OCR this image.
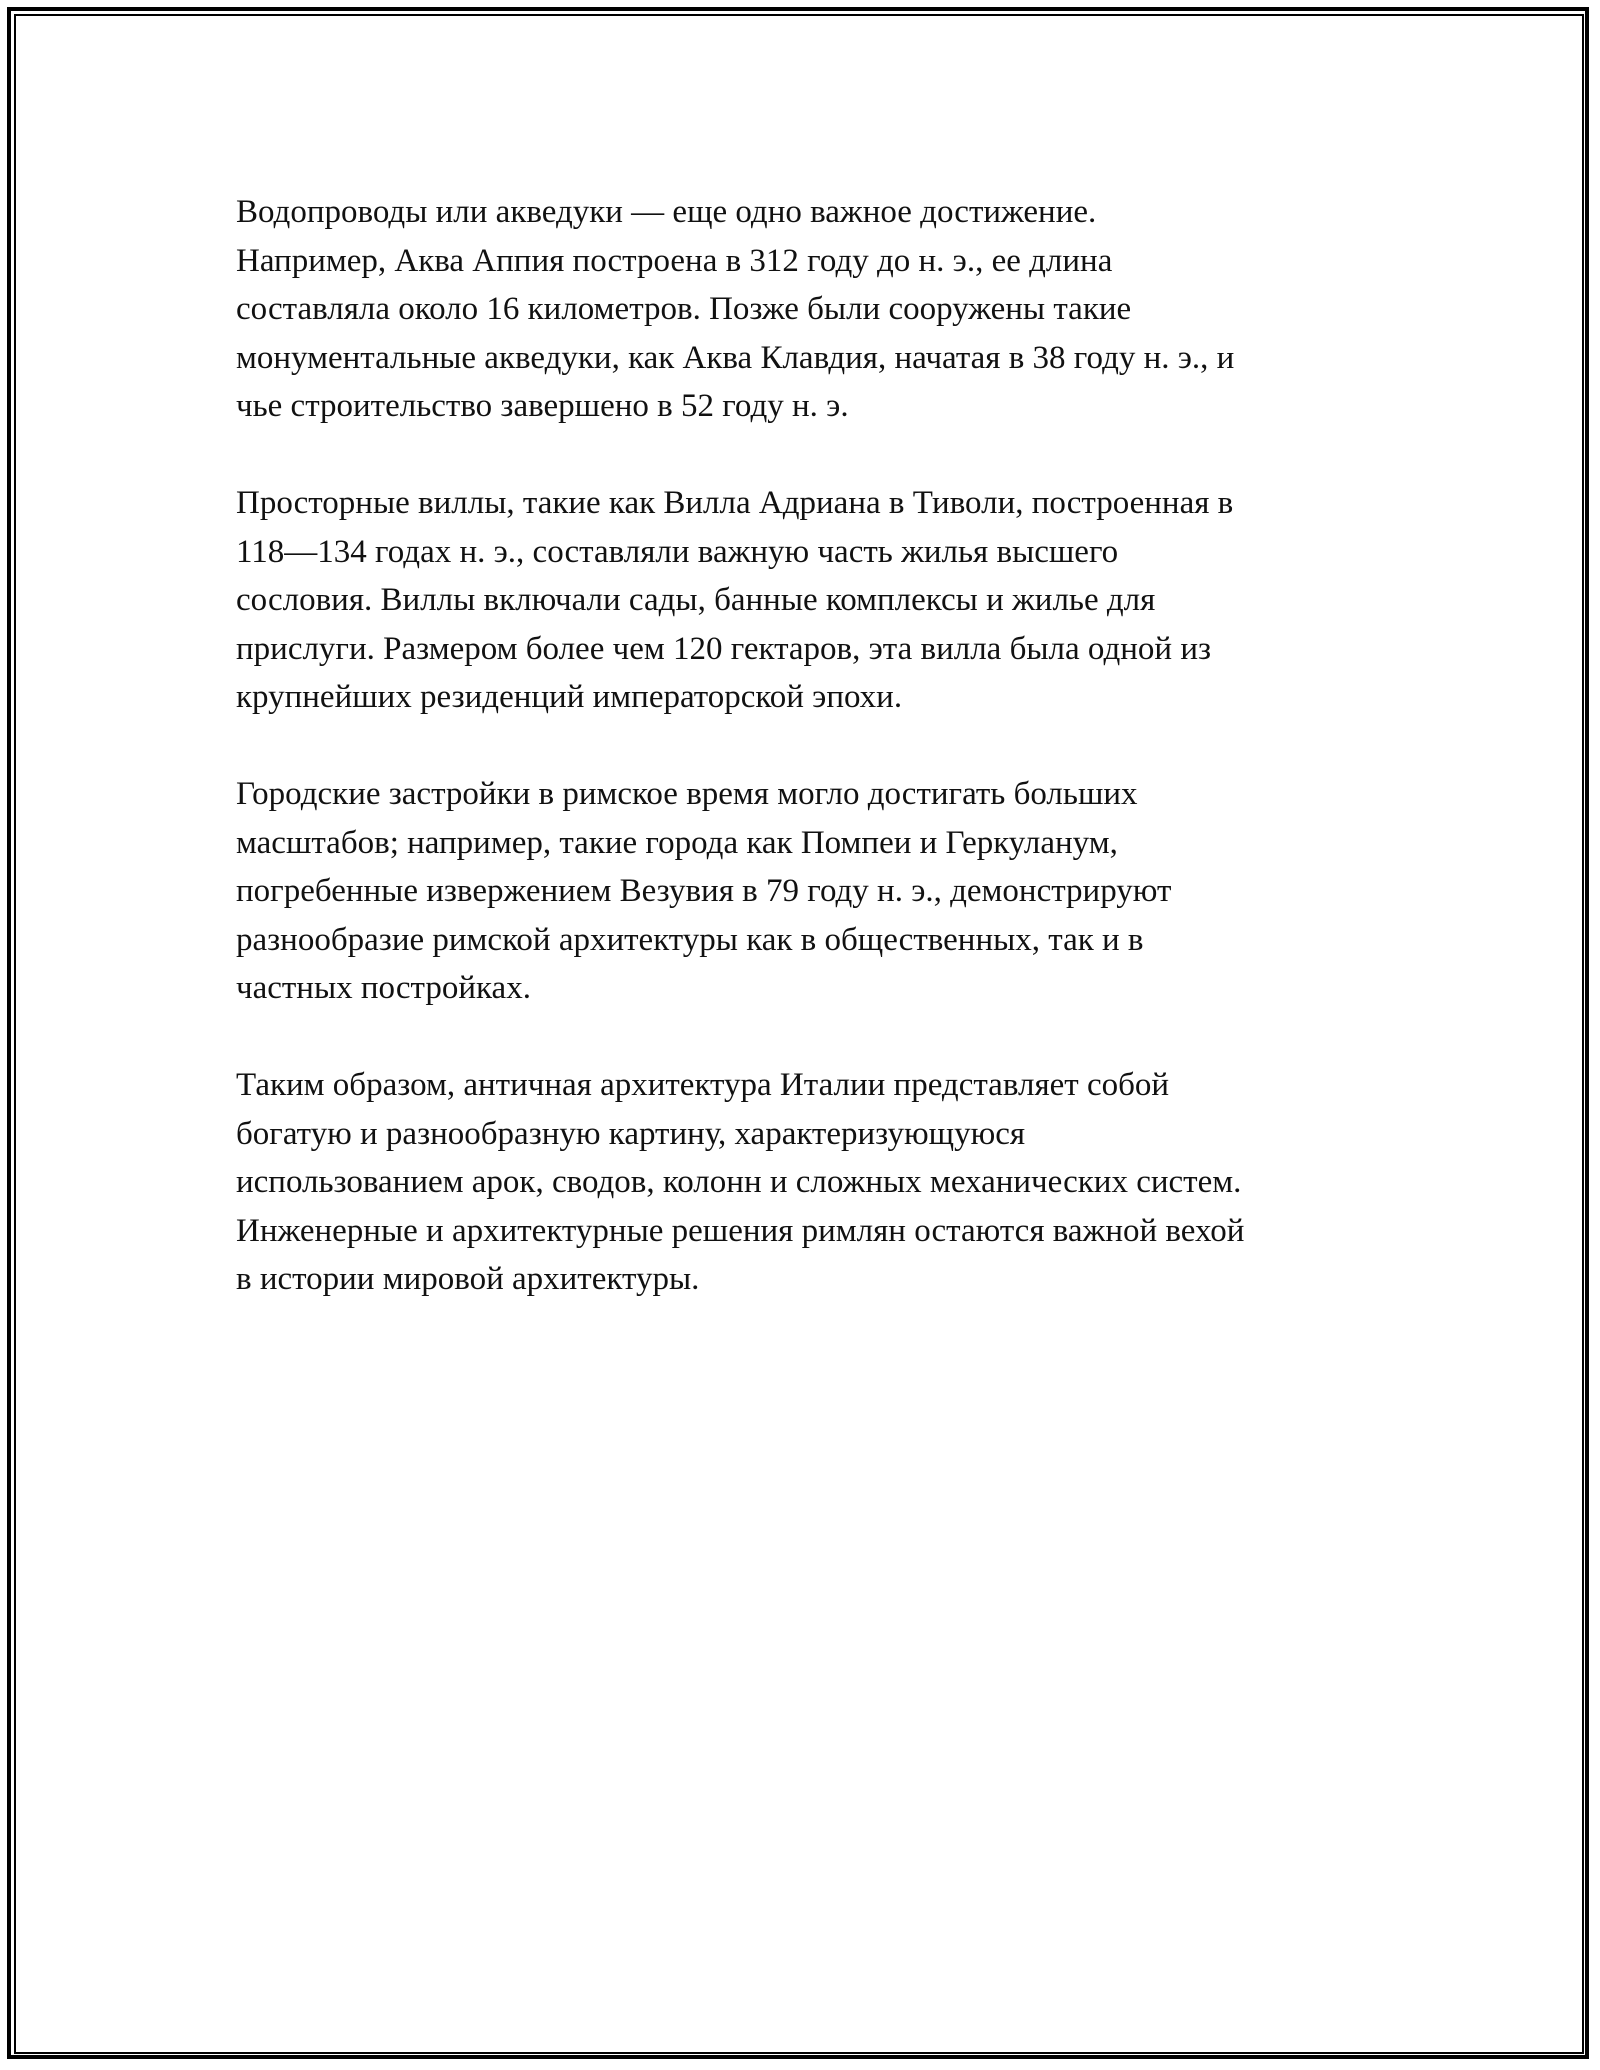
Водопроводы или акведуки — еще одно важное достижение.
Например, Аква Аппия построена в 312 году до н. э., ее длина
составляла около 16 километров. Позже были сооружены такие
монументальные акведуки, как Аква Клавдия, начатая в 38 году н. э., и
чье строительство завершено в 52 году н. э.

Просторные виллы, такие как Вилла Адриана в Тиволи, построенная в
118—134 годах н. э., составляли важную часть жилья высшего
сословия. Виллы включали сады, банные комплексы и жилье для
прислуги. Размером более чем 120 гектаров, эта вилла была одной из
крупнейших резиденций императорской эпохи.

Городские застройки в римское время могло достигать больших
масштабов; например, такие города как Помпеи и Геркуланум,
погребенные извержением Везувия в 79 году н. э., демонстрируют
разнообразие римской архитектуры как в общественных, так и в
частных постройках.

Таким образом, античная архитектура Италии представляет собой
богатую и разнообразную картину, характеризующуюся
использованием арок, сводов, колонн и сложных механических систем.
Инженерные и архитектурные решения римлян остаются важной вехой
в истории мировой архитектуры.
